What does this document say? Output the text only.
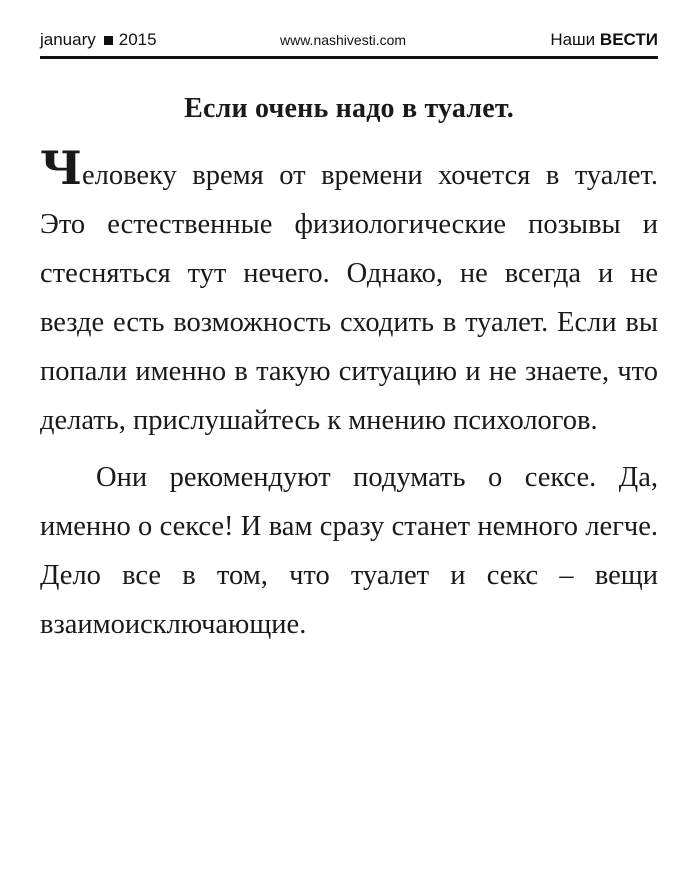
january 2015	www.nashivesti.com	Наши ВЕСТИ
Если очень надо в туалет.

Человеку время от времени хочется в туалет. Это естественные физиологические позывы и стесняться тут нечего. Однако, не всегда и не везде есть возможность сходить в туалет. Если вы попали именно в такую ситуацию и не знаете, что делать, прислушайтесь к мнению психологов.

Они рекомендуют подумать о сексе. Да, именно о сексе! И вам сразу станет немного легче. Дело все в том, что туалет и секс – вещи взаимоисключающие.
